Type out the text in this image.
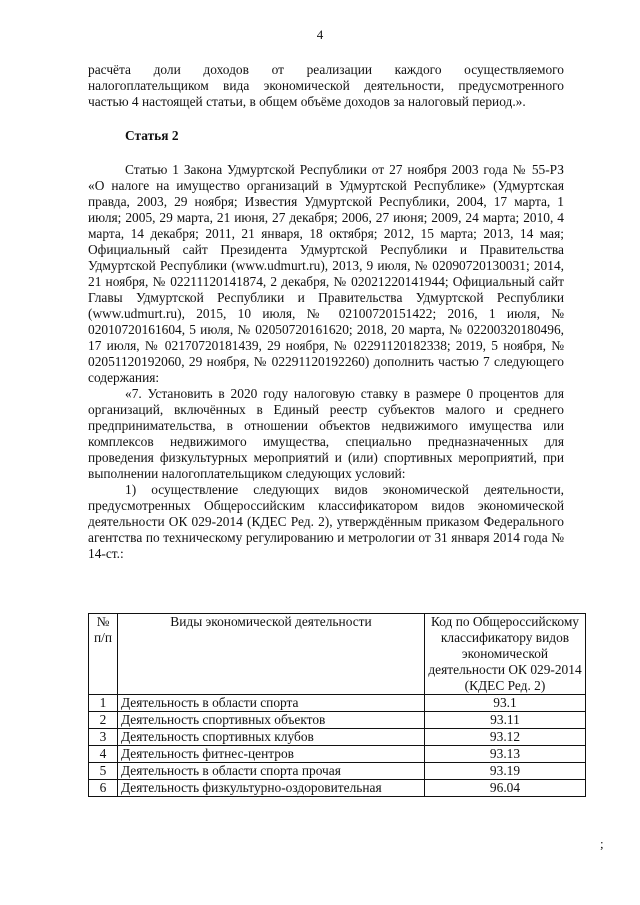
4

расчёта доли доходов от реализации каждого осуществляемого налогоплательщиком вида экономической деятельности, предусмотренного частью 4 настоящей статьи, в общем объёме доходов за налоговый период.».

Статья 2

Статью 1 Закона Удмуртской Республики от 27 ноября 2003 года № 55-РЗ «О налоге на имущество организаций в Удмуртской Республике» (Удмуртская правда, 2003, 29 ноября; Известия Удмуртской Республики, 2004, 17 марта, 1 июля; 2005, 29 марта, 21 июня, 27 декабря; 2006, 27 июня; 2009, 24 марта; 2010, 4 марта, 14 декабря; 2011, 21 января, 18 октября; 2012, 15 марта; 2013, 14 мая; Официальный сайт Президента Удмуртской Республики и Правительства Удмуртской Республики (www.udmurt.ru), 2013, 9 июля, № 02090720130031; 2014, 21 ноября, № 02211120141874, 2 декабря, № 02021220141944; Официальный сайт Главы Удмуртской Республики и Правительства Удмуртской Республики (www.udmurt.ru), 2015, 10 июля, № 02100720151422; 2016, 1 июля, № 02010720161604, 5 июля, № 02050720161620; 2018, 20 марта, № 02200320180496, 17 июля, № 02170720181439, 29 ноября, № 02291120182338; 2019, 5 ноября, № 02051120192060, 29 ноября, № 02291120192260) дополнить частью 7 следующего содержания:

«7. Установить в 2020 году налоговую ставку в размере 0 процентов для организаций, включённых в Единый реестр субъектов малого и среднего предпринимательства, в отношении объектов недвижимого имущества или комплексов недвижимого имущества, специально предназначенных для проведения физкультурных мероприятий и (или) спортивных мероприятий, при выполнении налогоплательщиком следующих условий:

1) осуществление следующих видов экономической деятельности, предусмотренных Общероссийским классификатором видов экономической деятельности ОК 029-2014 (КДЕС Ред. 2), утверждённым приказом Федерального агентства по техническому регулированию и метрологии от 31 января 2014 года № 14-ст.:

№ п/п	Виды экономической деятельности	Код по Общероссийскому классификатору видов экономической деятельности ОК 029-2014 (КДЕС Ред. 2)
1	Деятельность в области спорта	93.1
2	Деятельность спортивных объектов	93.11
3	Деятельность спортивных клубов	93.12
4	Деятельность фитнес-центров	93.13
5	Деятельность в области спорта прочая	93.19
6	Деятельность физкультурно-оздоровительная	96.04
;
